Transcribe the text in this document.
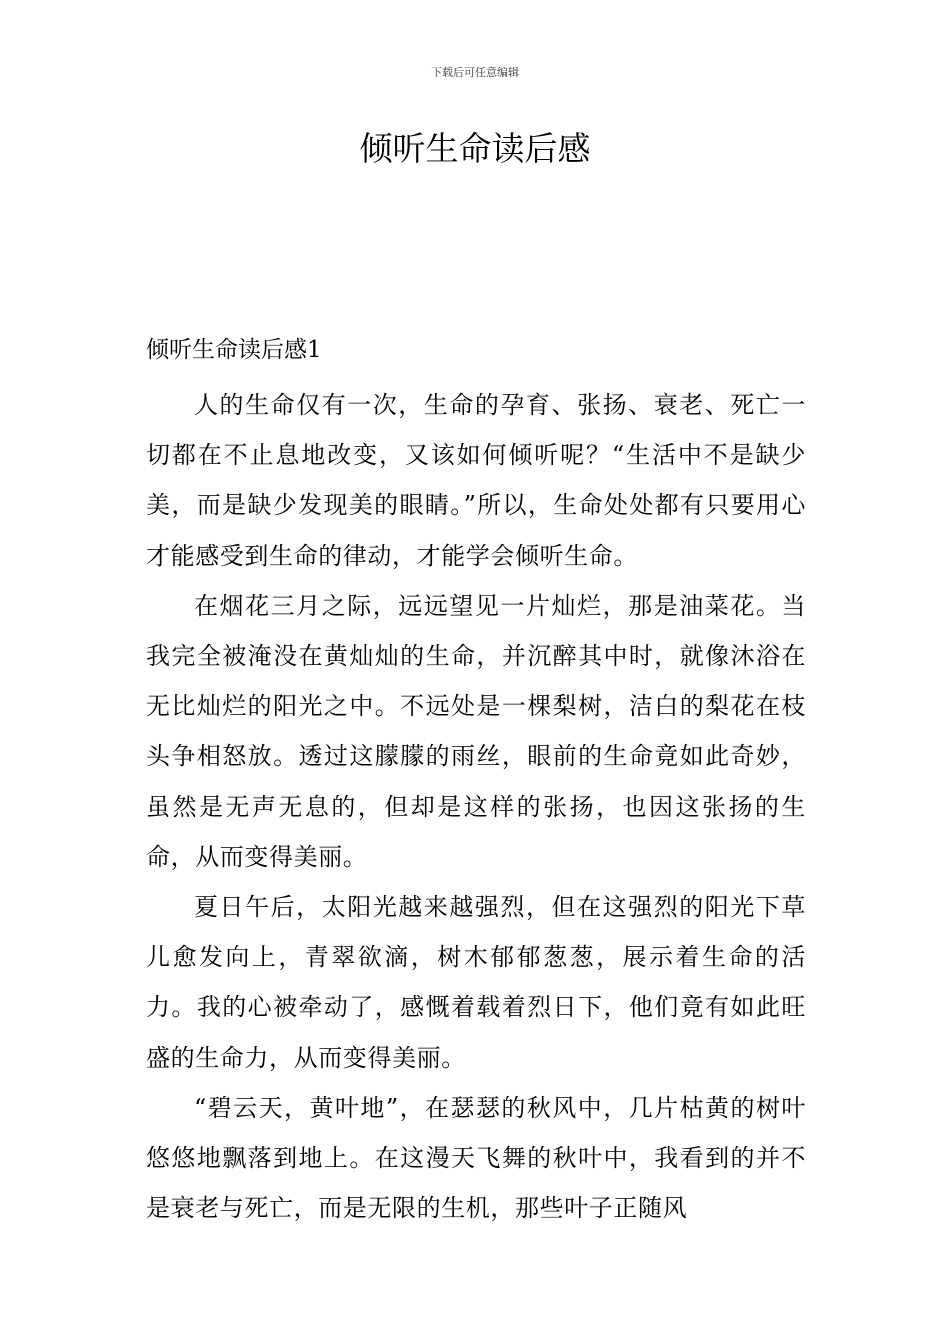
下载后可任意编辑
倾听生命读后感
倾听生命读后感1

人的生命仅有一次，生命的孕育、张扬、衰老、死亡一切都在不止息地改变，又该如何倾听呢？“生活中不是缺少美，而是缺少发现美的眼睛。”所以，生命处处都有只要用心才能感受到生命的律动，才能学会倾听生命。

在烟花三月之际，远远望见一片灿烂，那是油菜花。当我完全被淹没在黄灿灿的生命，并沉醉其中时，就像沐浴在无比灿烂的阳光之中。不远处是一棵梨树，洁白的梨花在枝头争相怒放。透过这朦朦的雨丝，眼前的生命竟如此奇妙，虽然是无声无息的，但却是这样的张扬，也因这张扬的生命，从而变得美丽。

夏日午后，太阳光越来越强烈，但在这强烈的阳光下草儿愈发向上，青翠欲滴，树木郁郁葱葱，展示着生命的活力。我的心被牵动了，感慨着载着烈日下，他们竟有如此旺盛的生命力，从而变得美丽。

“碧云天，黄叶地”，在瑟瑟的秋风中，几片枯黄的树叶悠悠地飘落到地上。在这漫天飞舞的秋叶中，我看到的并不是衰老与死亡，而是无限的生机，那些叶子正随风
